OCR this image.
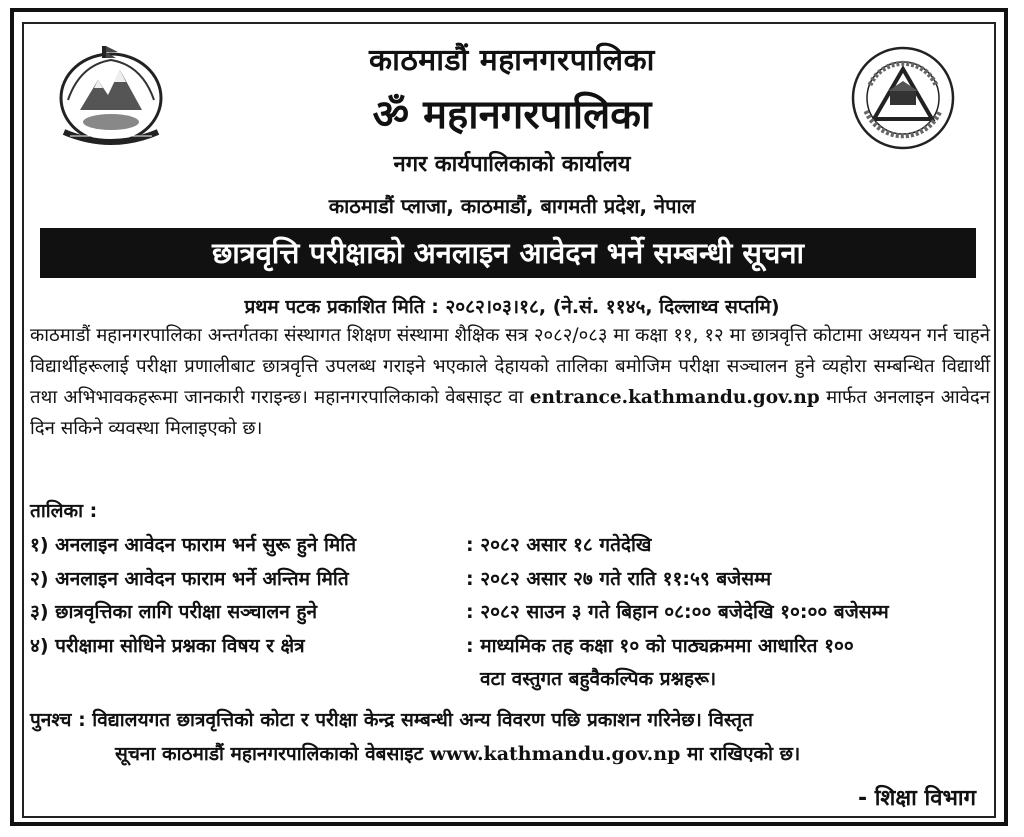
काठमाडौं महानगरपालिका
ॐ महानगरपालिका
नगर कार्यपालिकाको कार्यालय
काठमाडौं प्लाजा, काठमाडौं, बागमती प्रदेश, नेपाल
छात्रवृत्ति परीक्षाको अनलाइन आवेदन भर्ने सम्बन्धी सूचना
प्रथम पटक प्रकाशित मिति : २०८२।०३।१८, (ने.सं. ११४५, दिल्लाथ्व सप्तमि)
काठमाडौं महानगरपालिका अन्तर्गतका संस्थागत शिक्षण संस्थामा शैक्षिक सत्र २०८२/०८३ मा कक्षा ११, १२ मा छात्रवृत्ति कोटामा अध्ययन गर्न चाहने विद्यार्थीहरूलाई परीक्षा प्रणालीबाट छात्रवृत्ति उपलब्ध गराइने भएकाले देहायको तालिका बमोजिम परीक्षा सञ्चालन हुने व्यहोरा सम्बन्धित विद्यार्थी तथा अभिभावकहरूमा जानकारी गराइन्छ। महानगरपालिकाको वेबसाइट वा entrance.kathmandu.gov.np मार्फत अनलाइन आवेदन दिन सकिने व्यवस्था मिलाइएको छ।
तालिका :
१) अनलाइन आवेदन फाराम भर्न सुरू हुने मिति	: २०८२ असार १८ गतेदेखि
२) अनलाइन आवेदन फाराम भर्ने अन्तिम मिति	: २०८२ असार २७ गते राति ११:५९ बजेसम्म
३) छात्रवृत्तिका लागि परीक्षा सञ्चालन हुने	: २०८२ साउन ३ गते बिहान ०८:०० बजेदेखि १०:०० बजेसम्म
४) परीक्षामा सोधिने प्रश्नका विषय र क्षेत्र	: माध्यमिक तह कक्षा १० को पाठ्यक्रममा आधारित १००
वटा वस्तुगत बहुवैकल्पिक प्रश्नहरू।
पुनश्च : विद्यालयगत छात्रवृत्तिको कोटा र परीक्षा केन्द्र सम्बन्धी अन्य विवरण पछि प्रकाशन गरिनेछ। विस्तृत
सूचना काठमाडौं महानगरपालिकाको वेबसाइट www.kathmandu.gov.np मा राखिएको छ।
- शिक्षा विभाग
